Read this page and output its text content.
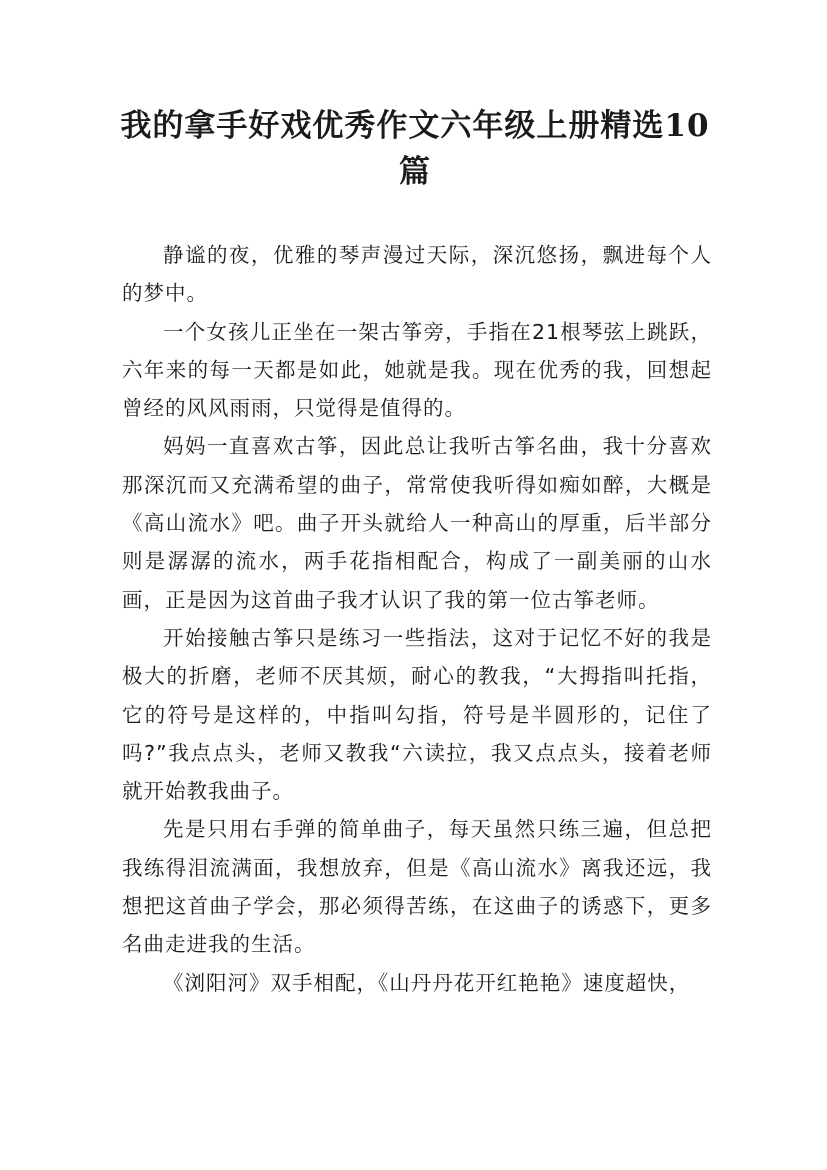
我的拿手好戏优秀作文六年级上册精选10
篇

静谧的夜，优雅的琴声漫过天际，深沉悠扬，飘进每个人的梦中。

一个女孩儿正坐在一架古筝旁，手指在21根琴弦上跳跃，六年来的每一天都是如此，她就是我。现在优秀的我，回想起曾经的风风雨雨，只觉得是值得的。

妈妈一直喜欢古筝，因此总让我听古筝名曲，我十分喜欢那深沉而又充满希望的曲子，常常使我听得如痴如醉，大概是《高山流水》吧。曲子开头就给人一种高山的厚重，后半部分则是潺潺的流水，两手花指相配合，构成了一副美丽的山水画，正是因为这首曲子我才认识了我的第一位古筝老师。

开始接触古筝只是练习一些指法，这对于记忆不好的我是极大的折磨，老师不厌其烦，耐心的教我，“大拇指叫托指，它的符号是这样的，中指叫勾指，符号是半圆形的，记住了吗?”我点点头，老师又教我“六读拉，我又点点头，接着老师就开始教我曲子。

先是只用右手弹的简单曲子，每天虽然只练三遍，但总把我练得泪流满面，我想放弃，但是《高山流水》离我还远，我想把这首曲子学会，那必须得苦练，在这曲子的诱惑下，更多名曲走进我的生活。

《浏阳河》双手相配，《山丹丹花开红艳艳》速度超快，
